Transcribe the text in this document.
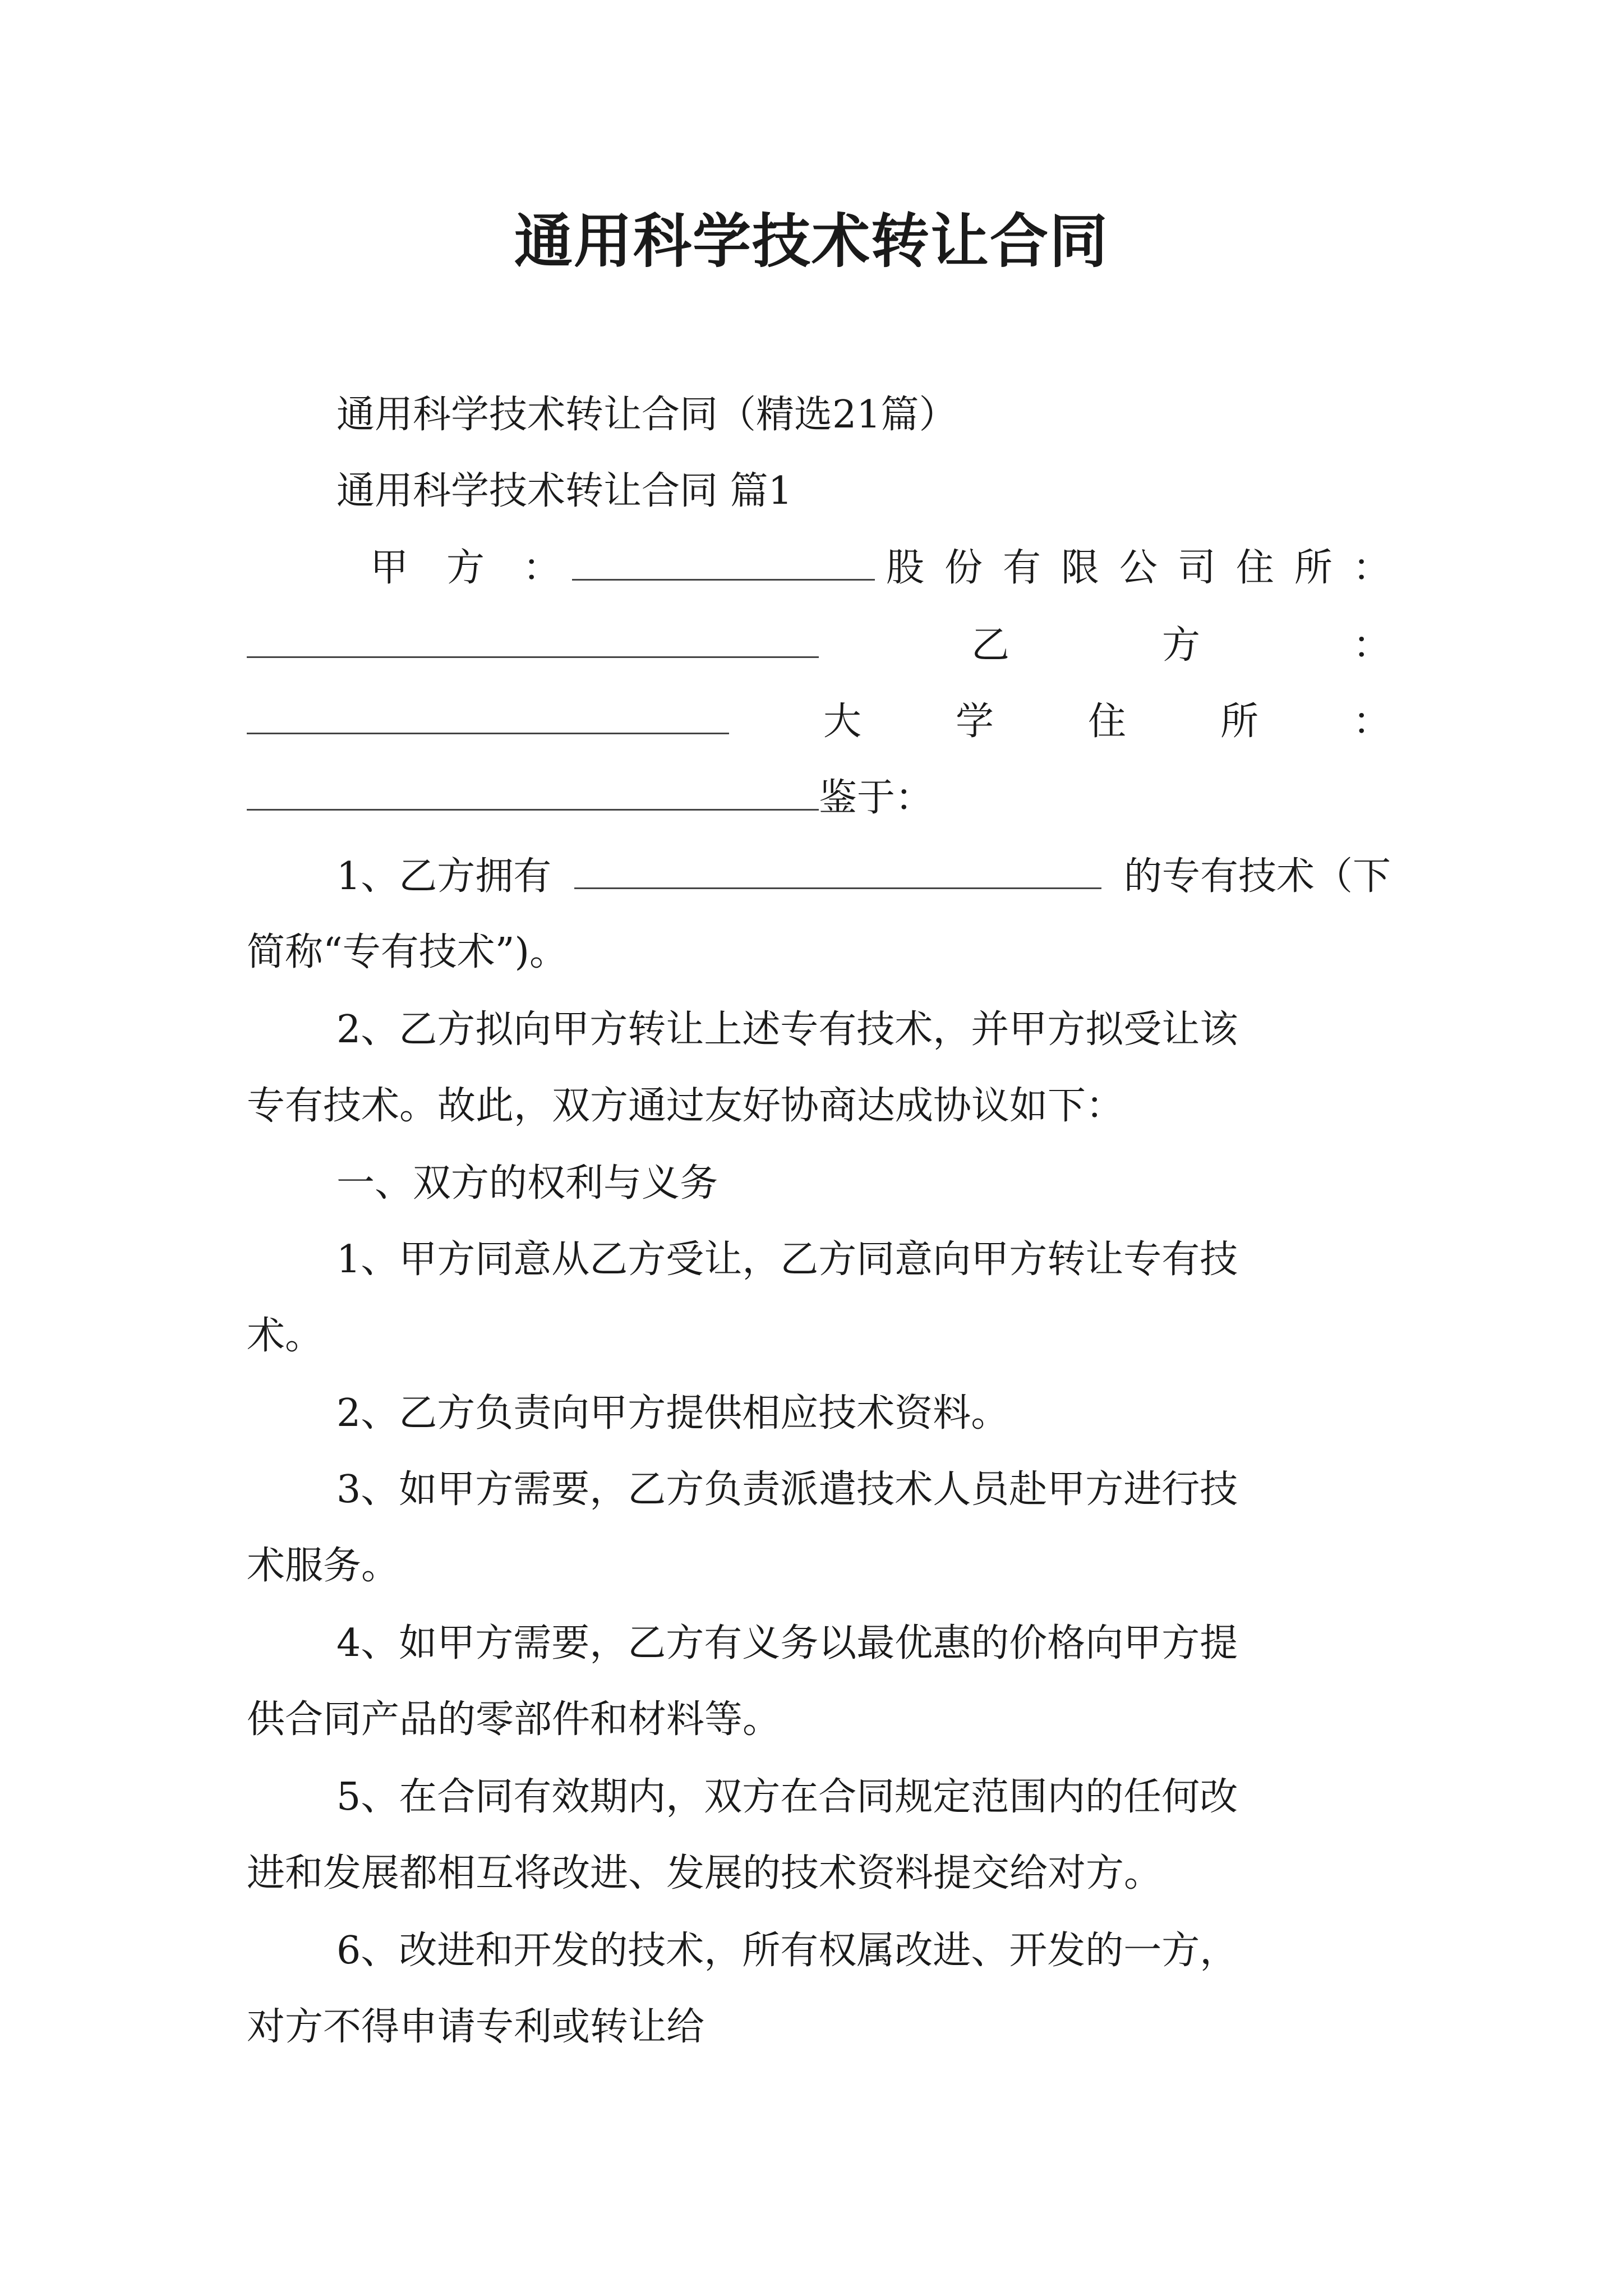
通用科学技术转让合同
通用科学技术转让合同（精选21篇）
通用科学技术转让合同 篇1
甲　方　：	股 份 有 限 公 司 住 所 ：
乙	方	：
大 学 住 所 ：
鉴于：
1、乙方拥有	的专有技术（下
简称“专有技术”)。
2、乙方拟向甲方转让上述专有技术，并甲方拟受让该
专有技术。故此，双方通过友好协商达成协议如下：
一、双方的权利与义务
1、甲方同意从乙方受让，乙方同意向甲方转让专有技
术。
2、乙方负责向甲方提供相应技术资料。
3、如甲方需要，乙方负责派遣技术人员赴甲方进行技
术服务。
4、如甲方需要，乙方有义务以最优惠的价格向甲方提
供合同产品的零部件和材料等。
5、在合同有效期内，双方在合同规定范围内的任何改
进和发展都相互将改进、发展的技术资料提交给对方。
6、改进和开发的技术，所有权属改进、开发的一方，
对方不得申请专利或转让给
